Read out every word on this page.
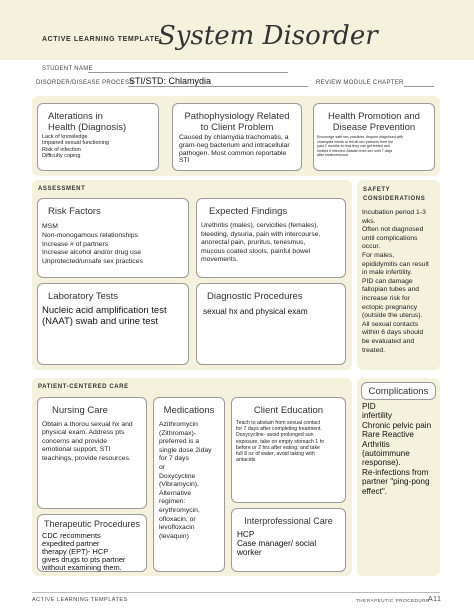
ACTIVE LEARNING TEMPLATE:
System Disorder
STUDENT NAME
DISORDER/DISEASE PROCESS
STI/STD: Chlamydia	REVIEW MODULE CHAPTER
Alterations in
Health (Diagnosis)
Lack of knowledge
Impaired sexual functioning
Risk of infection
Difficulty coping
Pathophysiology Related
to Client Problem
Caused by chlamydia trachomatis, a
gram-neg bacterium and intracellular
pathogen. Most common reportable
STI
Health Promotion and
Disease Prevention
Encourage safe sex practices. Anyone diagnosed with
chlamydia needs to tell all sex partners from the
past 2 months so that they can get tested and
treated if infected. Abstain from sex until 7 days
after treatment/cure
ASSESSMENT
Risk Factors
MSM
Non-monogamous relationships
Increase # of partners
Increase alcohol and/or drug use
Unprotected/unsafe sex practices
Expected Findings
Urethritis (males), cervicities (females),
bleeding, dysuria, pain with intercourse,
anorectal pain, pruritus, tenesmus,
mucous coated stools, painful bowel
movements.
Laboratory Tests
Nucleic acid amplification test
(NAAT) swab and urine test
Diagnostic Procedures
sexual hx and physical exam
SAFETY
CONSIDERATIONS
Incubation period 1-3
wks.
Often not diagnosed
until complications
occur.
For males,
epididymitis can result
in male infertility.
PID can damage
fallopian tubes and
increase risk for
ectopic pregnancy
(outside the uterus).
All sexual contacts
within 6 days should
be evaluated and
treated.
PATIENT-CENTERED CARE
Nursing Care
Obtain a thorou sexual hx and
physical exam. Address pts
concerns and provide
emotional support, STI
teachings, provide resources.
Medications
Azithromycin
(Zithromax)-
preferred is a
single dose 2iday
for 7 days
or
Doxycycline
(Vibramycin).
Alternative
regimen:
erythromycin,
ofloxacin, or
levofloxacin
(levaquin)
Client Education
Teach to abstain from sexual contact
for 7 days after completing treatment.
Doxycycline- avoid prolonged sun
exposure, take on empty stomach 1 hr
before or 2 hrs after eating, and take
full 8 oz of water, avoid taking with
antacids
Therapeutic Procedures
CDC recomments
expedited partner
therapy (EPT)- HCP
gives drugs to pts partner
without examining them.
Interprofessional Care
HCP
Case manager/ social
worker
Complications
PID
infertility
Chronic pelvic pain
Rare Reactive
Arthritis
(autoimmune
response).
Re-infections from
partner "ping-pong
effect".
ACTIVE LEARNING TEMPLATES	THERAPEUTIC PROCEDURE
A11
